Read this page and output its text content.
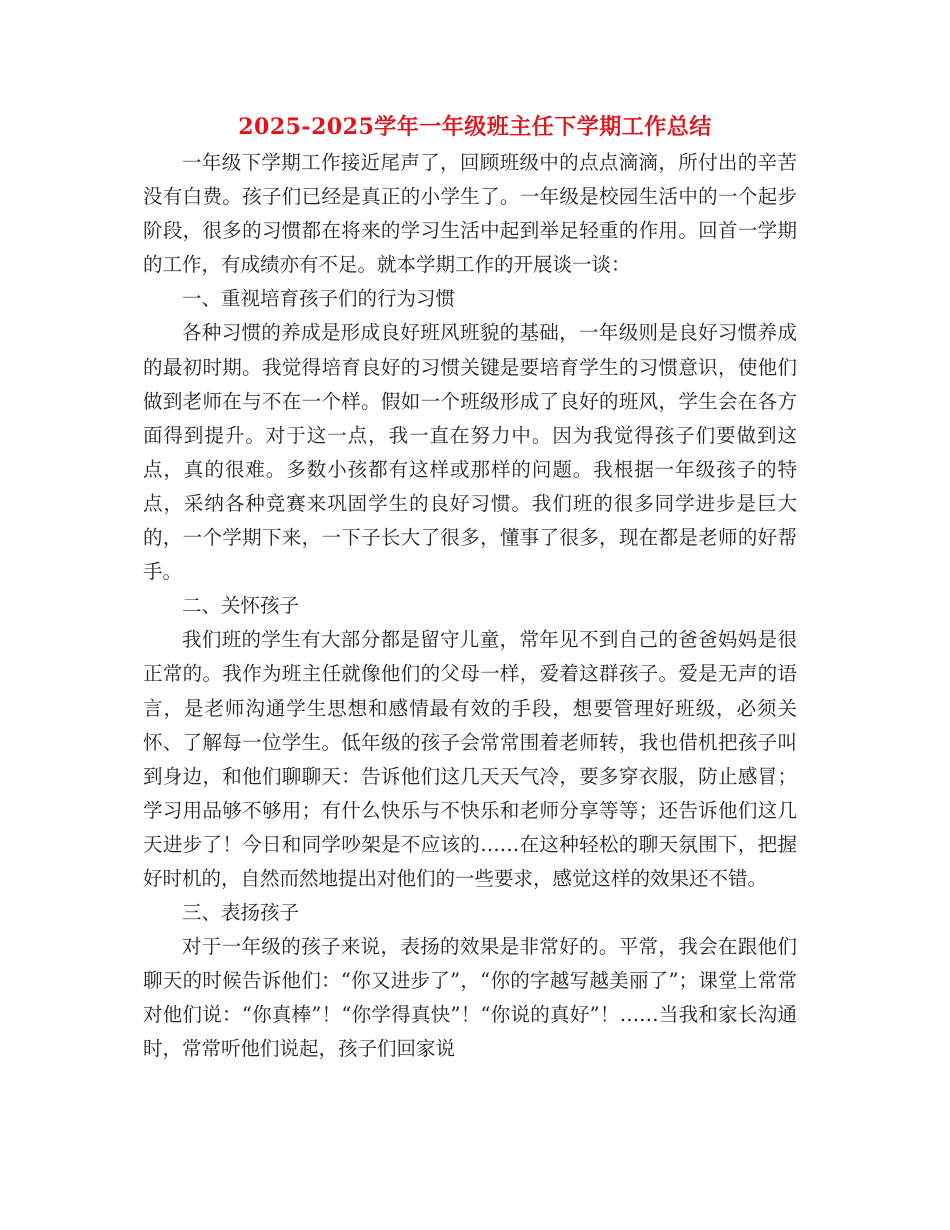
2025-2025学年一年级班主任下学期工作总结

一年级下学期工作接近尾声了，回顾班级中的点点滴滴，所付出的辛苦没有白费。孩子们已经是真正的小学生了。一年级是校园生活中的一个起步阶段，很多的习惯都在将来的学习生活中起到举足轻重的作用。回首一学期的工作，有成绩亦有不足。就本学期工作的开展谈一谈：

一、重视培育孩子们的行为习惯

各种习惯的养成是形成良好班风班貌的基础，一年级则是良好习惯养成的最初时期。我觉得培育良好的习惯关键是要培育学生的习惯意识，使他们做到老师在与不在一个样。假如一个班级形成了良好的班风，学生会在各方面得到提升。对于这一点，我一直在努力中。因为我觉得孩子们要做到这点，真的很难。多数小孩都有这样或那样的问题。我根据一年级孩子的特点，采纳各种竞赛来巩固学生的良好习惯。我们班的很多同学进步是巨大的，一个学期下来，一下子长大了很多，懂事了很多，现在都是老师的好帮手。

二、关怀孩子

我们班的学生有大部分都是留守儿童，常年见不到自己的爸爸妈妈是很正常的。我作为班主任就像他们的父母一样，爱着这群孩子。爱是无声的语言，是老师沟通学生思想和感情最有效的手段，想要管理好班级，必须关怀、了解每一位学生。低年级的孩子会常常围着老师转，我也借机把孩子叫到身边，和他们聊聊天：告诉他们这几天天气冷，要多穿衣服，防止感冒；学习用品够不够用；有什么快乐与不快乐和老师分享等等；还告诉他们这几天进步了！今日和同学吵架是不应该的……在这种轻松的聊天氛围下，把握好时机的，自然而然地提出对他们的一些要求，感觉这样的效果还不错。

三、表扬孩子

对于一年级的孩子来说，表扬的效果是非常好的。平常，我会在跟他们聊天的时候告诉他们：“你又进步了”，“你的字越写越美丽了”；课堂上常常对他们说：“你真棒”！“你学得真快”！“你说的真好”！……当我和家长沟通时，常常听他们说起，孩子们回家说
